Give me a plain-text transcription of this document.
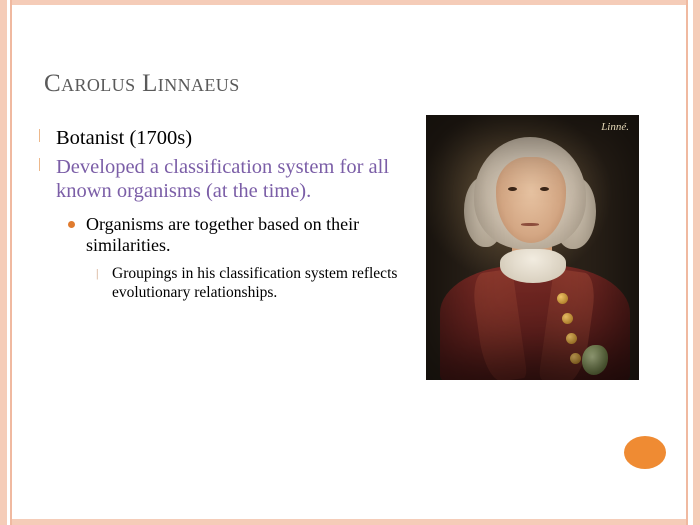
Carolus Linnaeus
| Botanist (1700s)
| Developed a classification system for all known organisms (at the time).
Organisms are together based on their similarities.
| Groupings in his classification system reflects evolutionary relationships.
Linné.
